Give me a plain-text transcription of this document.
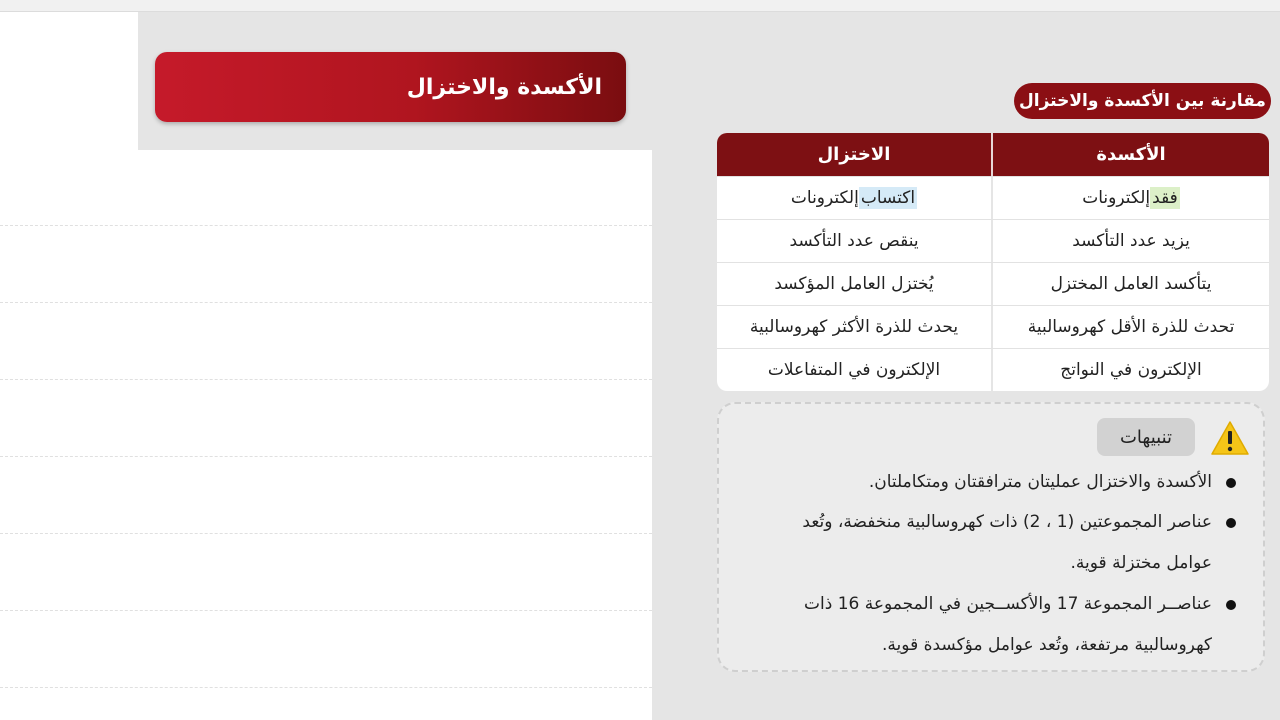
الأكسدة والاختزال
مقارنة بين الأكسدة والاختزال
الأكسدة
الاختزال
فقد
إلكترونات
اكتساب
إلكترونات
يزيد عدد التأكسد
ينقص عدد التأكسد
يتأكسد العامل المختزل
يُختزل العامل المؤكسد
تحدث للذرة الأقل كهروسالبية
يحدث للذرة الأكثر كهروسالبية
الإلكترون في النواتج
الإلكترون في المتفاعلات
تنبيهات
الأكسدة والاختزال عمليتان مترافقتان ومتكاملتان.
عناصر المجموعتين (1 ، 2) ذات كهروسالبية منخفضة، وتُعد
عوامل مختزلة قوية.
عناصــر المجموعة 17 والأكســجين في المجموعة 16 ذات
كهروسالبية مرتفعة، وتُعد عوامل مؤكسدة قوية.
